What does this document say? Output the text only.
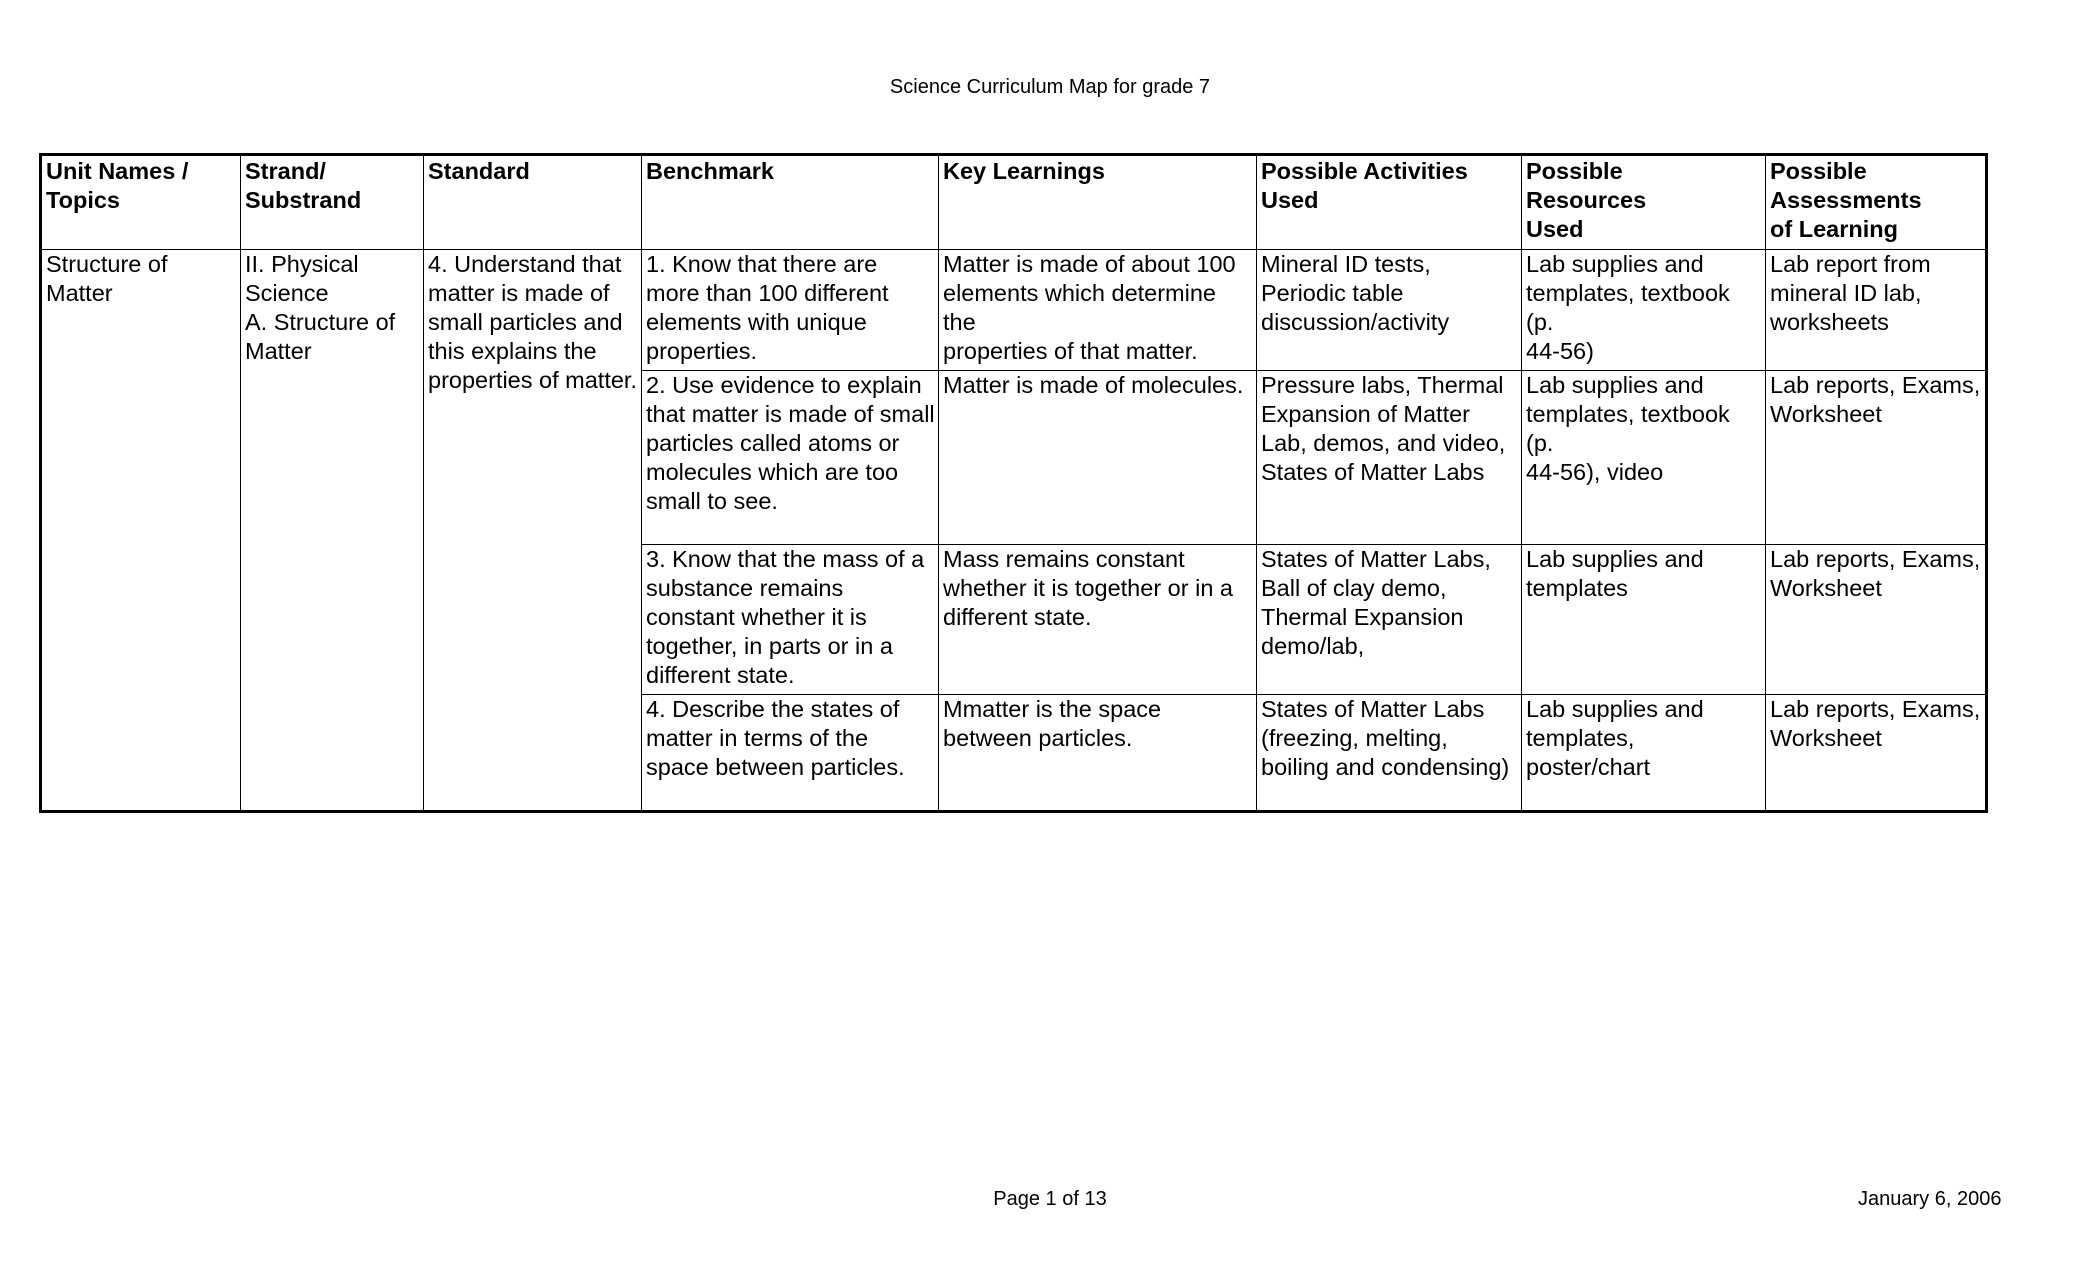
Science Curriculum Map for grade 7
Unit Names /
Topics	Strand/
Substrand	Standard	Benchmark	Key Learnings	Possible Activities
Used	Possible
Resources
Used	Possible
Assessments
of Learning
Structure of
Matter	II. Physical
Science
A. Structure of
Matter	4. Understand that
matter is made of
small particles and
this explains the
properties of matter.	1. Know that there are
more than 100 different
elements with unique
properties.	Matter is made of about 100
elements which determine the
properties of that matter.	Mineral ID tests,
Periodic table
discussion/activity	Lab supplies and
templates, textbook (p.
44-56)	Lab report from
mineral ID lab,
worksheets
			2. Use evidence to explain
that matter is made of small
particles called atoms or
molecules which are too
small to see.	Matter is made of molecules.	Pressure labs, Thermal
Expansion of Matter
Lab, demos, and video,
States of Matter Labs	Lab supplies and
templates, textbook (p.
44-56), video	Lab reports, Exams,
Worksheet
			3. Know that the mass of a
substance remains
constant whether it is
together, in parts or in a
different state.	Mass remains constant
whether it is together or in a
different state.	States of Matter Labs,
Ball of clay demo,
Thermal Expansion
demo/lab,	Lab supplies and
templates	Lab reports, Exams,
Worksheet
			4. Describe the states of
matter in terms of the
space between particles.	Mmatter is the space
between particles.	States of Matter Labs
(freezing, melting,
boiling and condensing)	Lab supplies and
templates,
poster/chart	Lab reports, Exams,
Worksheet
Page 1 of 13	January 6, 2006
